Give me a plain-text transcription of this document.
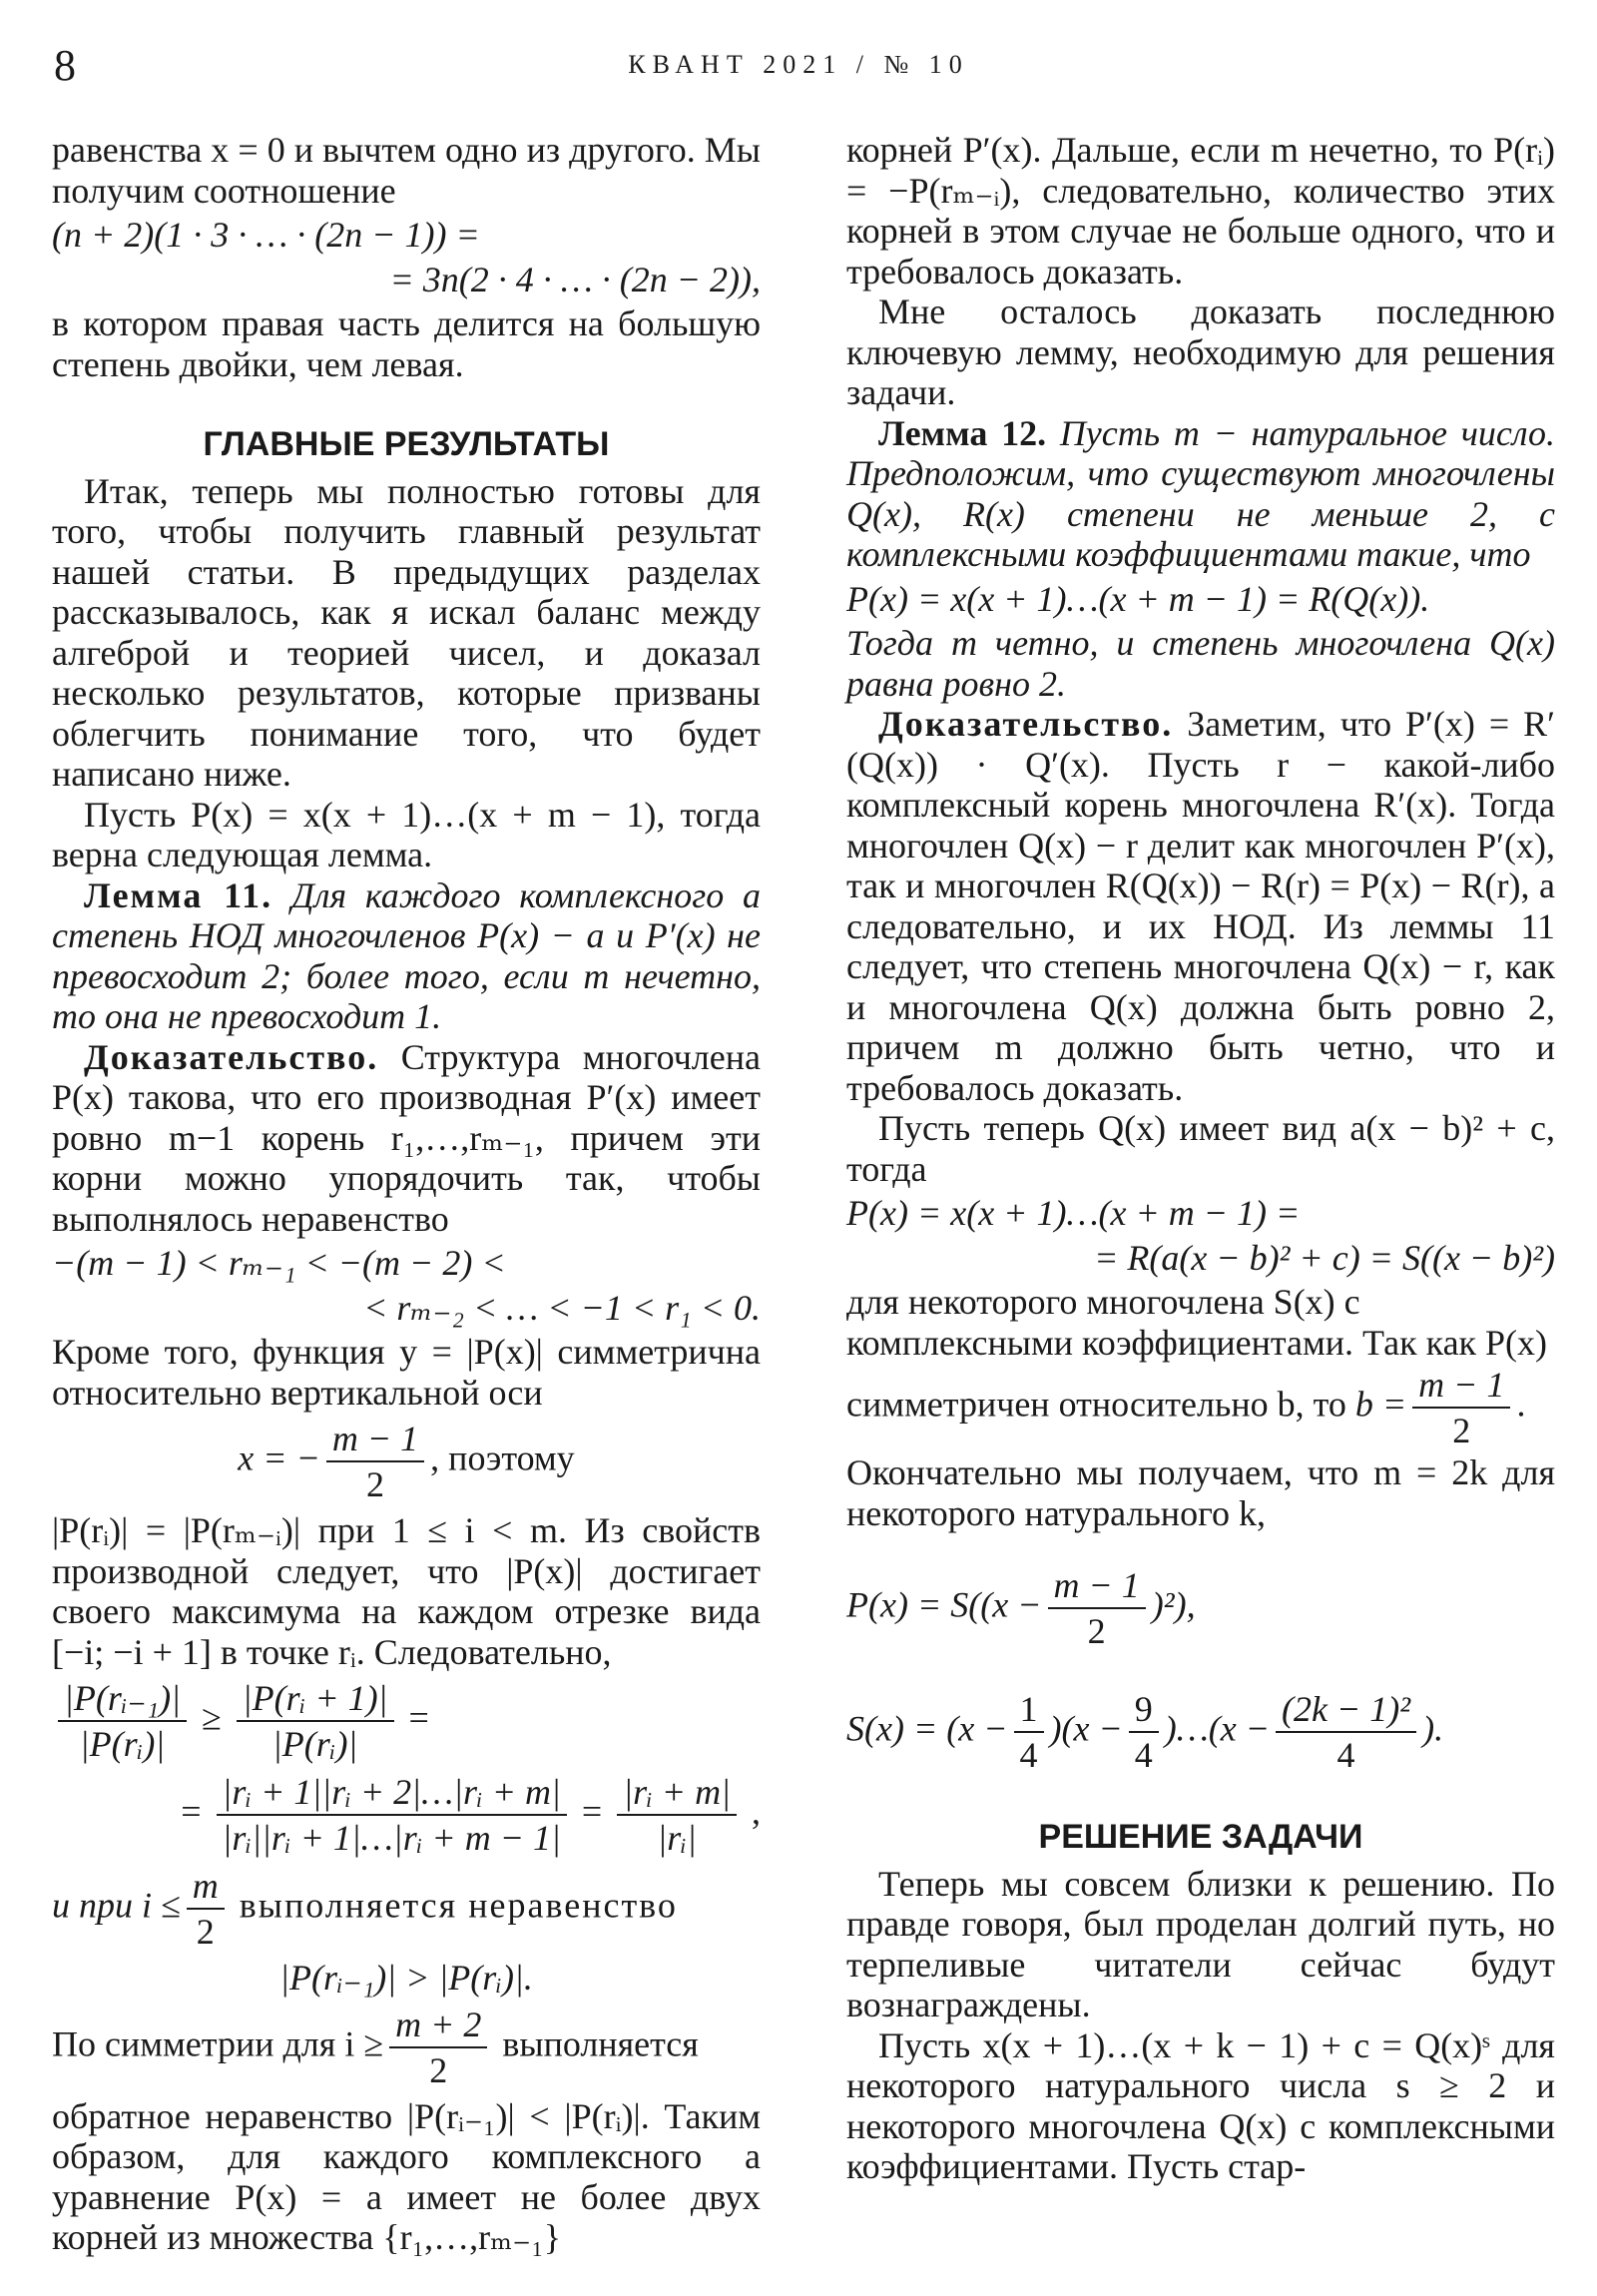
8	КВАНТ 2021 / № 10

равенства x = 0 и вычтем одно из другого. Мы получим соотношение

(n + 2)(1 · 3 · … · (2n − 1)) =
= 3n(2 · 4 · … · (2n − 2)),

в котором правая часть делится на большую степень двойки, чем левая.

ГЛАВНЫЕ РЕЗУЛЬТАТЫ

Итак, теперь мы полностью готовы для того, чтобы получить главный результат нашей статьи. В предыдущих разделах рассказывалось, как я искал баланс между алгеброй и теорией чисел, и доказал несколько результатов, которые призваны облегчить понимание того, что будет написано ниже.

Пусть P(x) = x(x + 1)…(x + m − 1), тогда верна следующая лемма.

Лемма 11. Для каждого комплексного a степень НОД многочленов P(x) − a и P′(x) не превосходит 2; более того, если m нечетно, то она не превосходит 1.

Доказательство. Структура многочлена P(x) такова, что его производная P′(x) имеет ровно m−1 корень r₁,…,rₘ₋₁, причем эти корни можно упорядочить так, чтобы выполнялось неравенство

−(m − 1) < rₘ₋₁ < −(m − 2) <
< rₘ₋₂ < … < −1 < r₁ < 0.

Кроме того, функция y = |P(x)| симметрична относительно вертикальной оси

x = − $\frac{m - 1}{2}$ , поэтому

|P(rᵢ)| = |P(rₘ₋ᵢ)| при 1 ≤ i < m. Из свойств производной следует, что |P(x)| достигает своего максимума на каждом отрезке вида [−i; −i + 1] в точке rᵢ. Следовательно,

$\frac{\text{|P(rᵢ₋₁)|}}{\text{|P(rᵢ)|}} \ge \frac{\text{|P(rᵢ + 1)|}}{\text{|P(rᵢ)|}}$ =
= $\frac{\text{|rᵢ + 1||rᵢ + 2|…|rᵢ + m|}}{\text{|rᵢ||rᵢ + 1|…|rᵢ + m − 1|}} = \frac{\text{|rᵢ + m|}}{\text{|rᵢ|}}$ ,
и при $i \le \frac{m}{2}$ выполняется неравенство
|P(rᵢ₋₁)| > |P(rᵢ)|.
По симметрии для $i \ge \frac{m + 2}{2}$ выполняется

обратное неравенство |P(rᵢ₋₁)| < |P(rᵢ)|. Таким образом, для каждого комплексного a уравнение P(x) = a имеет не более двух корней из множества {r₁,…,rₘ₋₁}

корней P′(x). Дальше, если m нечетно, то P(rᵢ) = −P(rₘ₋ᵢ), следовательно, количество этих корней в этом случае не больше одного, что и требовалось доказать.

Мне осталось доказать последнюю ключевую лемму, необходимую для решения задачи.

Лемма 12. Пусть m − натуральное число. Предположим, что существуют многочлены Q(x), R(x) степени не меньше 2, с комплексными коэффициентами такие, что

P(x) = x(x + 1)…(x + m − 1) = R(Q(x)).

Тогда m четно, и степень многочлена Q(x) равна ровно 2.

Доказательство. Заметим, что P′(x) = R′(Q(x)) · Q′(x). Пусть r − какой-либо комплексный корень многочлена R′(x). Тогда многочлен Q(x) − r делит как многочлен P′(x), так и многочлен R(Q(x)) − R(r) = P(x) − R(r), а следовательно, и их НОД. Из леммы 11 следует, что степень многочлена Q(x) − r, как и многочлена Q(x) должна быть ровно 2, причем m должно быть четно, что и требовалось доказать.

Пусть теперь Q(x) имеет вид a(x − b)² + c, тогда

P(x) = x(x + 1)…(x + m − 1) =
= R(a(x − b)² + c) = S((x − b)²)
для некоторого многочлена S(x) с комплексными коэффициентами. Так как P(x) симметричен относительно b, то $b = \frac{m - 1}{2}$ .

Окончательно мы получаем, что m = 2k для некоторого натурального k,

$P(x) = S((x - \frac{m - 1}{2} )^2)$,
$S(x) = (x - \frac{1}{4} )(x - \frac{9}{4}$ )…(x − $\frac{\text{(2k − 1)²}}{4}$ ).
РЕШЕНИЕ ЗАДАЧИ

Теперь мы совсем близки к решению. По правде говоря, был проделан долгий путь, но терпеливые читатели сейчас будут вознаграждены.

Пусть x(x + 1)…(x + k − 1) + c = Q(x)ˢ для некоторого натурального числа s ≥ 2 и некоторого многочлена Q(x) с комплексными коэффициентами. Пусть стар-
